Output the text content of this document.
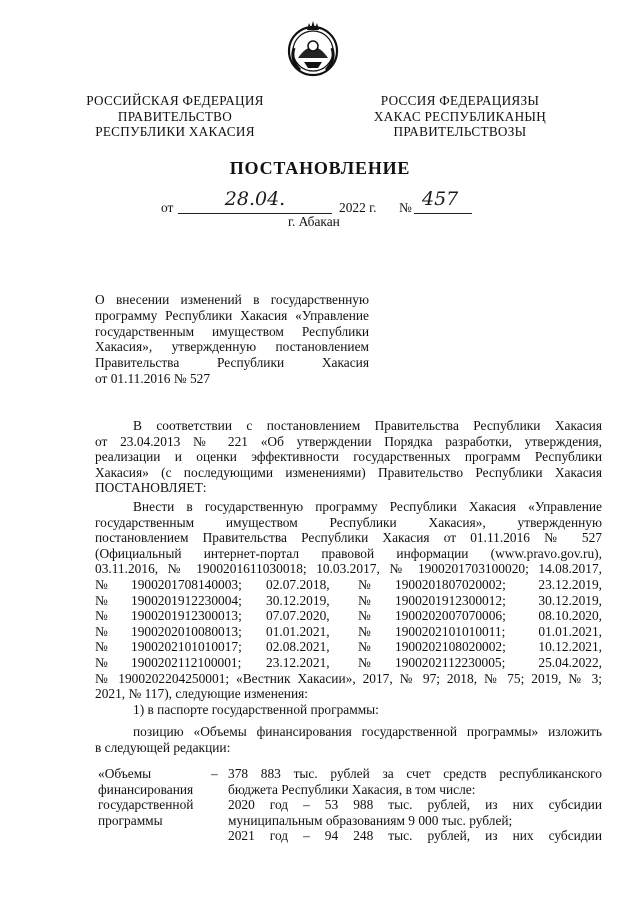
РОССИЙСКАЯ ФЕДЕРАЦИЯ
ПРАВИТЕЛЬСТВО
РЕСПУБЛИКИ ХАКАСИЯ
РОССИЯ ФЕДЕРАЦИЯЗЫ
ХАКАС РЕСПУБЛИКАНЫҢ
ПРАВИТЕЛЬСТВОЗЫ
ПОСТАНОВЛЕНИЕ
от	28.04.	2022 г. № 457
г. Абакан
О внесении изменений в государственную
программу Республики Хакасия «Управление
государственным имуществом Республики
Хакасия», утвержденную постановлением
Правительства Республики Хакасия
от 01.11.2016 № 527
В соответствии с постановлением Правительства Республики Хакасия
от 23.04.2013 № 221 «Об утверждении Порядка разработки, утверждения,
реализации и оценки эффективности государственных программ Республики
Хакасия» (с последующими изменениями) Правительство Республики Хакасия
ПОСТАНОВЛЯЕТ:
Внести в государственную программу Республики Хакасия «Управление
государственным имуществом Республики Хакасия», утвержденную
постановлением Правительства Республики Хакасия от 01.11.2016 № 527
(Официальный интернет-портал правовой информации (www.pravo.gov.ru),
03.11.2016, № 1900201611030018; 10.03.2017, № 1900201703100020; 14.08.2017,
№ 1900201708140003; 02.07.2018, № 1900201807020002; 23.12.2019,
№ 1900201912230004; 30.12.2019, № 1900201912300012; 30.12.2019,
№ 1900201912300013; 07.07.2020, № 1900202007070006; 08.10.2020,
№ 1900202010080013; 01.01.2021, № 1900202101010011; 01.01.2021,
№ 1900202101010017; 02.08.2021, № 1900202108020002; 10.12.2021,
№ 1900202112100001; 23.12.2021, № 1900202112230005; 25.04.2022,
№ 1900202204250001; «Вестник Хакасии», 2017, № 97; 2018, № 75; 2019, № 3;
2021, № 117), следующие изменения:
1) в паспорте государственной программы:
позицию «Объемы финансирования государственной программы» изложить
в следующей редакции:
«Объемы
финансирования
государственной
программы
– 378 883 тыс. рублей за счет средств республиканского
бюджета Республики Хакасия, в том числе:
2020 год – 53 988 тыс. рублей, из них субсидии
муниципальным образованиям 9 000 тыс. рублей;
2021 год – 94 248 тыс. рублей, из них субсидии
